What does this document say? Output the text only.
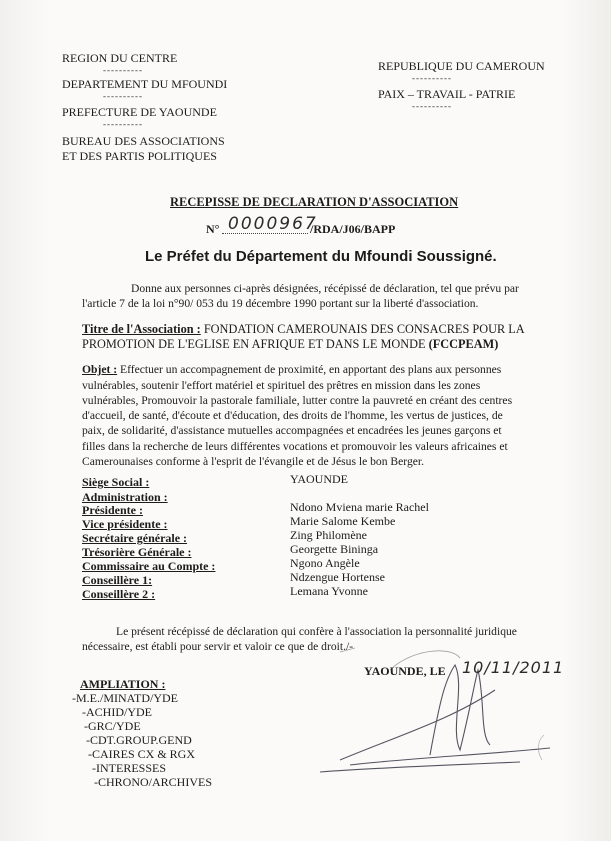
REGION DU CENTRE
----------
DEPARTEMENT DU MFOUNDI
----------
PREFECTURE DE YAOUNDE
----------
BUREAU DES ASSOCIATIONS
ET DES PARTIS POLITIQUES
REPUBLIQUE DU CAMEROUN
----------
PAIX – TRAVAIL - PATRIE
----------
RECEPISSE DE DECLARATION D'ASSOCIATION
N° 0000967
/RDA/J06/BAPP
Le Préfet du Département du Mfoundi Soussigné.
Donne aux personnes ci-après désignées, récépissé de déclaration, tel que prévu par
l'article 7 de la loi n°90/ 053 du 19 décembre 1990 portant sur la liberté d'association.
Titre de l'Association : FONDATION CAMEROUNAIS DES CONSACRES POUR LA
PROMOTION DE L'EGLISE EN AFRIQUE ET DANS LE MONDE (FCCPEAM)
Objet : Effectuer un accompagnement de proximité, en apportant des plans aux personnes
vulnérables, soutenir l'effort matériel et spirituel des prêtres en mission dans les zones
vulnérables, Promouvoir la pastorale familiale, lutter contre la pauvreté en créant des centres
d'accueil, de santé, d'écoute et d'éducation, des droits de l'homme, les vertus de justices, de
paix, de solidarité, d'assistance mutuelles accompagnées et encadrées les jeunes garçons et
filles dans la recherche de leurs différentes vocations et promouvoir les valeurs africaines et
Camerounaises conforme à l'esprit de l'évangile et de Jésus le bon Berger.
Siège Social :	YAOUNDE
Administration :
Présidente :	Ndono Mviena marie Rachel
Vice présidente :	Marie Salome Kembe
Secrétaire générale :	Zing Philomène
Trésorière Générale :	Georgette Bininga
Commissaire au Compte :	Ngono Angèle
Conseillère 1:	Ndzengue Hortense
Conseillère 2 :	Lemana Yvonne
Le présent récépissé de déclaration qui confère à l'association la personnalité juridique
nécessaire, est établi pour servir et valoir ce que de droit./-
YAOUNDE, LE 10/11/2011
AMPLIATION :
-M.E./MINATD/YDE
-ACHID/YDE
-GRC/YDE
-CDT.GROUP.GEND
-CAIRES CX & RGX
-INTERESSES
-CHRONO/ARCHIVES
